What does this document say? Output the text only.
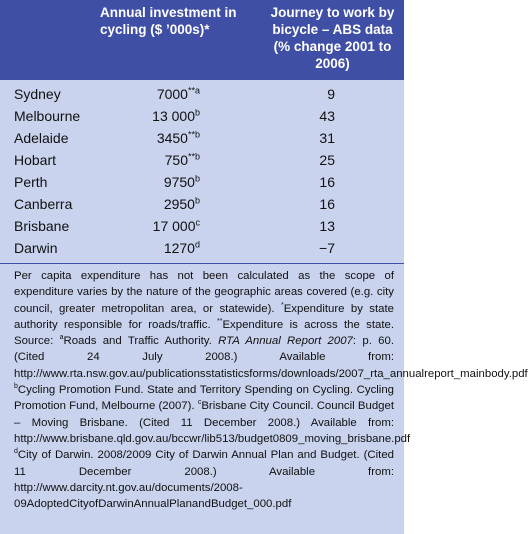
Annual investment in cycling ($ ’000s)*
Journey to work by bicycle – ABS data (% change 2001 to 2006)
Sydney	7000$^{**a}$	9
Melbourne	13 000$^b$	43
Adelaide	3450$^{**b}$	31
Hobart	750$^{**b}$	25
Perth	9750$^b$	16
Canberra	2950$^b$	16
Brisbane	17 000$^c$	13
Darwin	$1270^d$	−7
Per capita expenditure has not been calculated as the scope of expenditure varies by the nature of the geographic areas covered (e.g. city council, greater metropolitan area, or statewide). *Expenditure by state authority responsible for roads/traffic. **Expenditure is across the state. Source: $^a$Roads and Traffic Authority. RTA Annual Report 2007: p. 60. (Cited 24 July 2008.) Available from: http://www.rta.nsw.gov.au/publicationsstatisticsforms/downloads/2007_rta_annualreport_mainbody.pdf $^b$Cycling Promotion Fund. State and Territory Spending on Cycling. Cycling Promotion Fund, Melbourne (2007). $^c$Brisbane City Council. Council Budget – Moving Brisbane. (Cited 11 December 2008.) Available from: http://www.brisbane.qld.gov.au/bccwr/lib513/budget0809_moving_brisbane.pdf $^d$City of Darwin. 2008/2009 City of Darwin Annual Plan and Budget. (Cited 11 December 2008.) Available from: http://www.darcity.nt.gov.au/documents/2008-09AdoptedCityofDarwinAnnualPlanandBudget_000.pdf
